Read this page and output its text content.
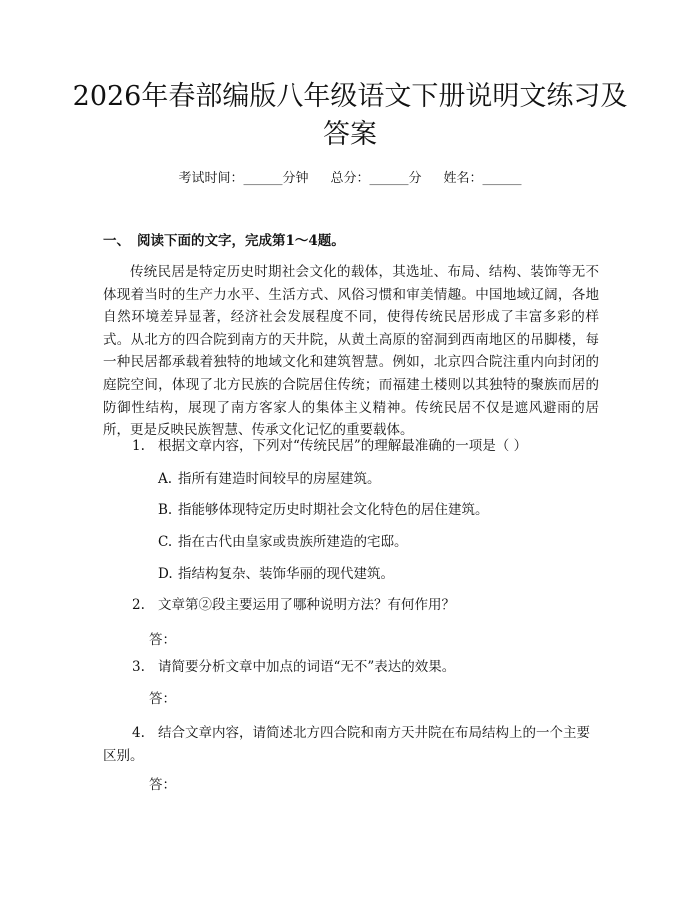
2026年春部编版八年级语文下册说明文练习及答案
考试时间：______分钟 总分：______分 姓名：______
一、 阅读下面的文字，完成第1～4题。

传统民居是特定历史时期社会文化的载体，其选址、布局、结构、装饰等无不体现着当时的生产力水平、生活方式、风俗习惯和审美情趣。中国地域辽阔，各地自然环境差异显著，经济社会发展程度不同，使得传统民居形成了丰富多彩的样式。从北方的四合院到南方的天井院，从黄土高原的窑洞到西南地区的吊脚楼，每一种民居都承载着独特的地域文化和建筑智慧。例如，北京四合院注重内向封闭的庭院空间，体现了北方民族的合院居住传统；而福建土楼则以其独特的聚族而居的防御性结构，展现了南方客家人的集体主义精神。传统民居不仅是遮风避雨的居所，更是反映民族智慧、传承文化记忆的重要载体。

1. 根据文章内容，下列对“传统民居”的理解最准确的一项是（ ）
A. 指所有建造时间较早的房屋建筑。
B. 指能够体现特定历史时期社会文化特色的居住建筑。
C. 指在古代由皇家或贵族所建造的宅邸。
D. 指结构复杂、装饰华丽的现代建筑。
2. 文章第②段主要运用了哪种说明方法？有何作用？
答：
3. 请简要分析文章中加点的词语“无不”表达的效果。
答：
4. 结合文章内容，请简述北方四合院和南方天井院在布局结构上的一个主要区别。
答：
